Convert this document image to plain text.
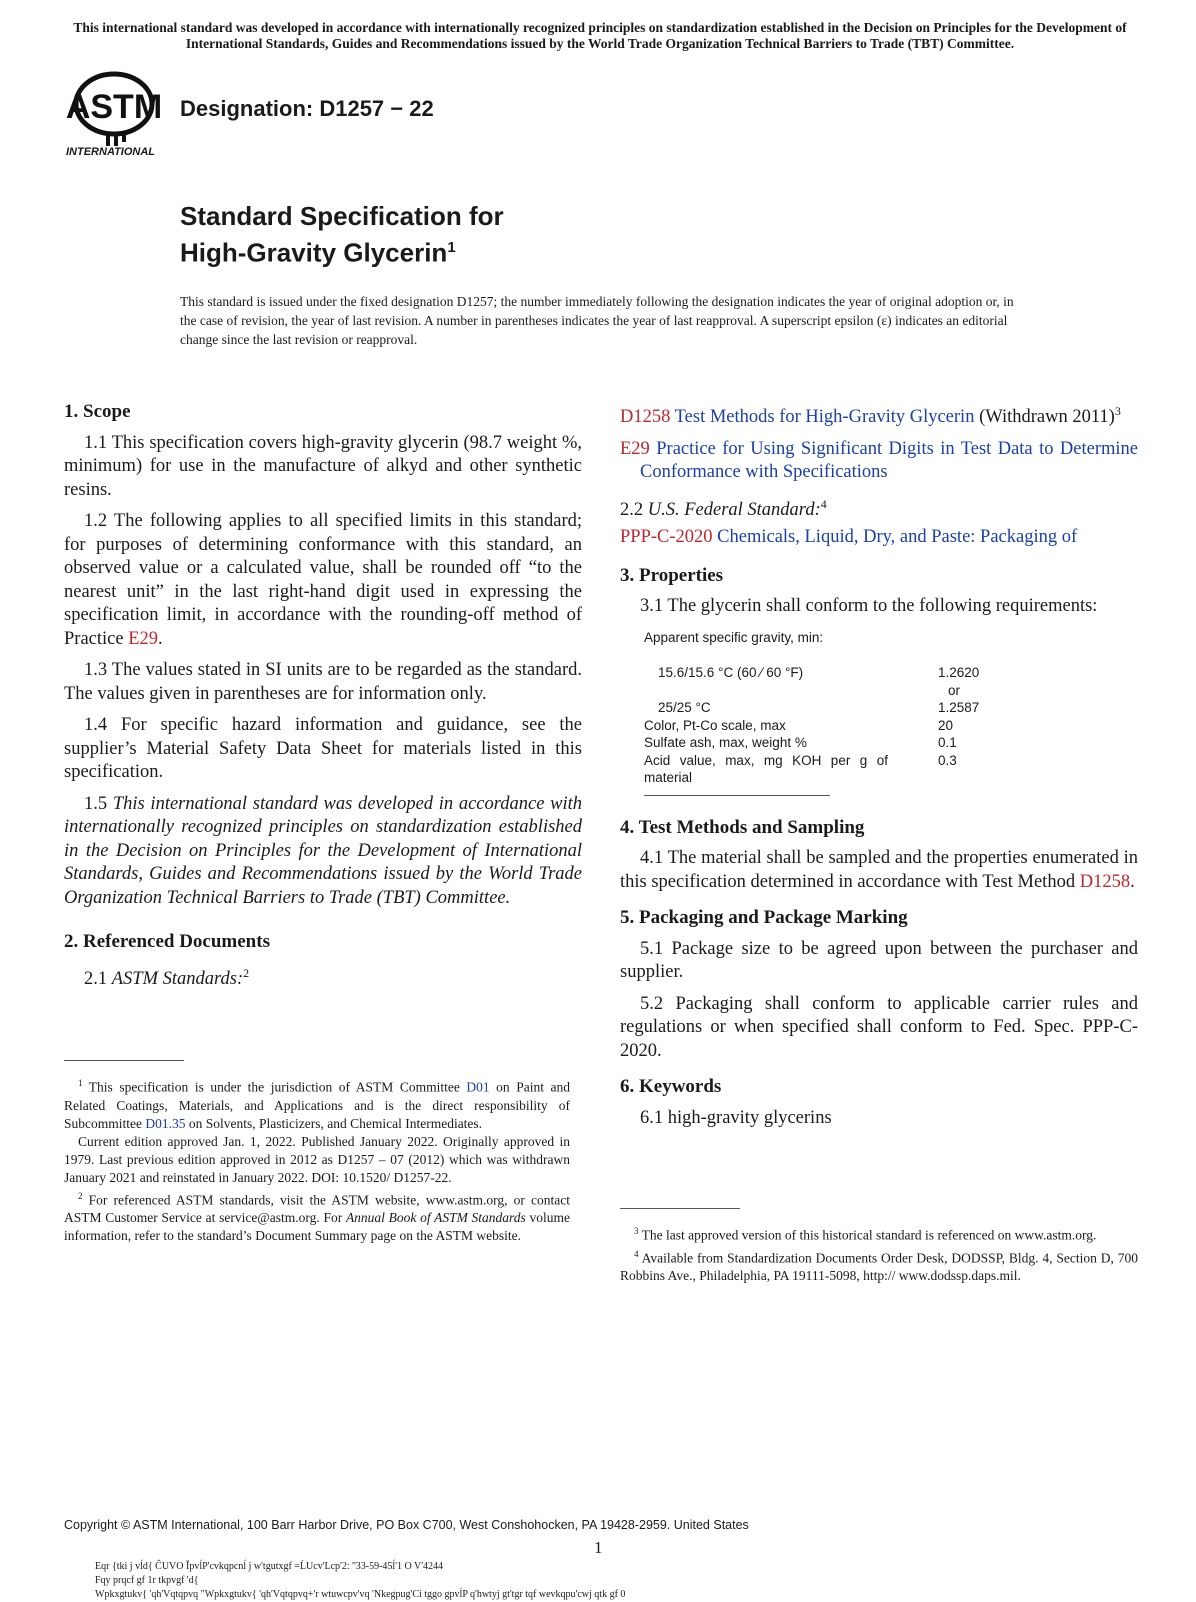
This international standard was developed in accordance with internationally recognized principles on standardization established in the Decision on Principles for the Development of International Standards, Guides and Recommendations issued by the World Trade Organization Technical Barriers to Trade (TBT) Committee.
ASTM
INTERNATIONAL
Designation: D1257 − 22
Standard Specification for
High-Gravity Glycerin$^1$
This standard is issued under the fixed designation D1257; the number immediately following the designation indicates the year of original adoption or, in the case of revision, the year of last revision. A number in parentheses indicates the year of last reapproval. A superscript epsilon (ε) indicates an editorial change since the last revision or reapproval.
1. Scope

1.1 This specification covers high-gravity glycerin (98.7 weight %, minimum) for use in the manufacture of alkyd and other synthetic resins.

1.2 The following applies to all specified limits in this standard; for purposes of determining conformance with this standard, an observed value or a calculated value, shall be rounded off “to the nearest unit” in the last right-hand digit used in expressing the specification limit, in accordance with the rounding-off method of Practice E29.

1.3 The values stated in SI units are to be regarded as the standard. The values given in parentheses are for information only.

1.4 For specific hazard information and guidance, see the supplier’s Material Safety Data Sheet for materials listed in this specification.

1.5 This international standard was developed in accordance with internationally recognized principles on standardization established in the Decision on Principles for the Development of International Standards, Guides and Recommendations issued by the World Trade Organization Technical Barriers to Trade (TBT) Committee.

2. Referenced Documents

2.1 ASTM Standards:$^2$

$^1$ This specification is under the jurisdiction of ASTM Committee D01 on Paint and Related Coatings, Materials, and Applications and is the direct responsibility of Subcommittee D01.35 on Solvents, Plasticizers, and Chemical Intermediates.

Current edition approved Jan. 1, 2022. Published January 2022. Originally approved in 1979. Last previous edition approved in 2012 as D1257 – 07 (2012) which was withdrawn January 2021 and reinstated in January 2022. DOI: 10.1520/ D1257-22.

$^2$ For referenced ASTM standards, visit the ASTM website, www.astm.org, or contact ASTM Customer Service at service@astm.org. For Annual Book of ASTM Standards volume information, refer to the standard’s Document Summary page on the ASTM website.

D1258 Test Methods for High-Gravity Glycerin (Withdrawn 2011)$^3$

E29 Practice for Using Significant Digits in Test Data to Determine Conformance with Specifications

2.2 U.S. Federal Standard:$^4$

PPP-C-2020 Chemicals, Liquid, Dry, and Paste: Packaging of

3. Properties

3.1 The glycerin shall conform to the following requirements:

Apparent specific gravity, min:	
15.6/15.6 °C (60 ⁄ 60 °F)	1.2620
	or
25/25 °C	1.2587
Color, Pt-Co scale, max	20
Sulfate ash, max, weight %	0.1
Acid value, max, mg KOH per g of material	0.3
4. Test Methods and Sampling

4.1 The material shall be sampled and the properties enumerated in this specification determined in accordance with Test Method D1258.

5. Packaging and Package Marking

5.1 Package size to be agreed upon between the purchaser and supplier.

5.2 Packaging shall conform to applicable carrier rules and regulations or when specified shall conform to Fed. Spec. PPP-C-2020.

6. Keywords

6.1 high-gravity glycerins

$^3$ The last approved version of this historical standard is referenced on www.astm.org.

$^4$ Available from Standardization Documents Order Desk, DODSSP, Bldg. 4, Section D, 700 Robbins Ave., Philadelphia, PA 19111-5098, http:// www.dodssp.daps.mil.

Copyright © ASTM International, 100 Barr Harbor Drive, PO Box C700, West Conshohocken, PA 19428-2959. United States
1
Eqr {tki j vĺd{ ĈUVO ĬpvĺP'cvkqpcnĺ j w'tgutxgf =ĹUcv'Lcp'2: ''33-59-45ĺ'1 O V'4244
Fqy prqcf gf 1r tkpvgf 'd{
Wpkxgtukv{ 'qh'Vqtqpvq "Wpkxgtukv{ 'qh'Vqtqpvq+'r wtuwcpv'vq 'Nkegpug'Ci tggo gpvĺP q'hwtyj gt'tgr tqf wevkqpu'cwj qtk gf 0
